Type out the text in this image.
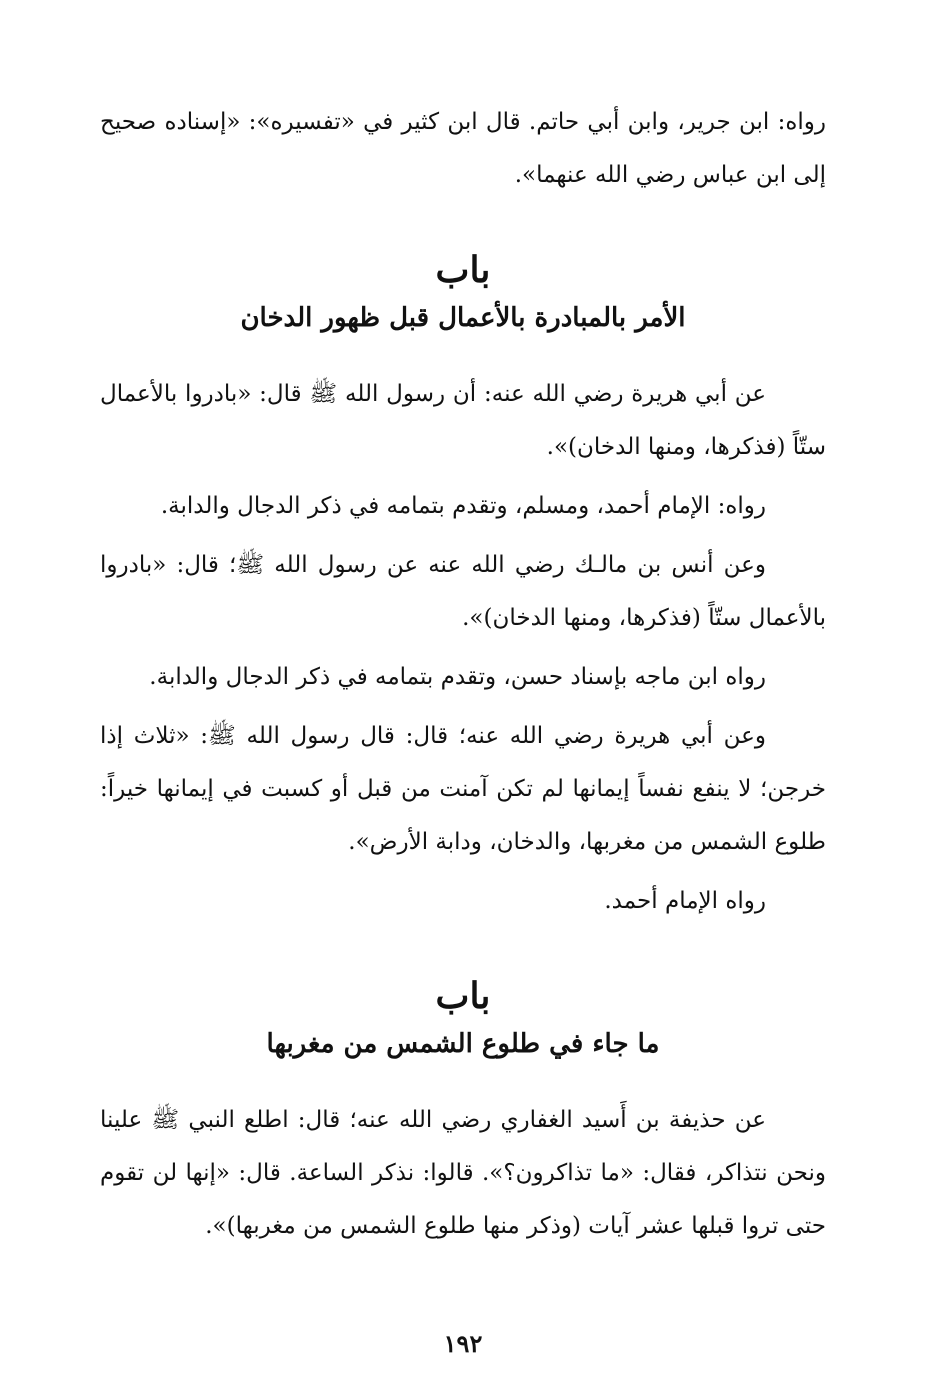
رواه: ابن جرير، وابن أبي حاتم. قال ابن كثير في «تفسيره»: «إسناده صحيح إلى ابن عباس رضي الله عنهما».

باب
الأمر بالمبادرة بالأعمال قبل ظهور الدخان

عن أبي هريرة رضي الله عنه: أن رسول الله ﷺ قال: «بادروا بالأعمال ستّاً (فذكرها، ومنها الدخان)».

رواه: الإمام أحمد، ومسلم، وتقدم بتمامه في ذكر الدجال والدابة.

وعن أنس بن مالـك رضي الله عنه عن رسول الله ﷺ؛ قال: «بادروا بالأعمال ستّاً (فذكرها، ومنها الدخان)».

رواه ابن ماجه بإسناد حسن، وتقدم بتمامه في ذكر الدجال والدابة.

وعن أبي هريرة رضي الله عنه؛ قال: قال رسول الله ﷺ: «ثلاث إذا خرجن؛ لا ينفع نفساً إيمانها لم تكن آمنت من قبل أو كسبت في إيمانها خيراً: طلوع الشمس من مغربها، والدخان، ودابة الأرض».

رواه الإمام أحمد.

باب
ما جاء في طلوع الشمس من مغربها

عن حذيفة بن أَسيد الغفاري رضي الله عنه؛ قال: اطلع النبي ﷺ علينا ونحن نتذاكر، فقال: «ما تذاكرون؟». قالوا: نذكر الساعة. قال: «إنها لن تقوم حتى تروا قبلها عشر آيات (وذكر منها طلوع الشمس من مغربها)».

١٩٢
